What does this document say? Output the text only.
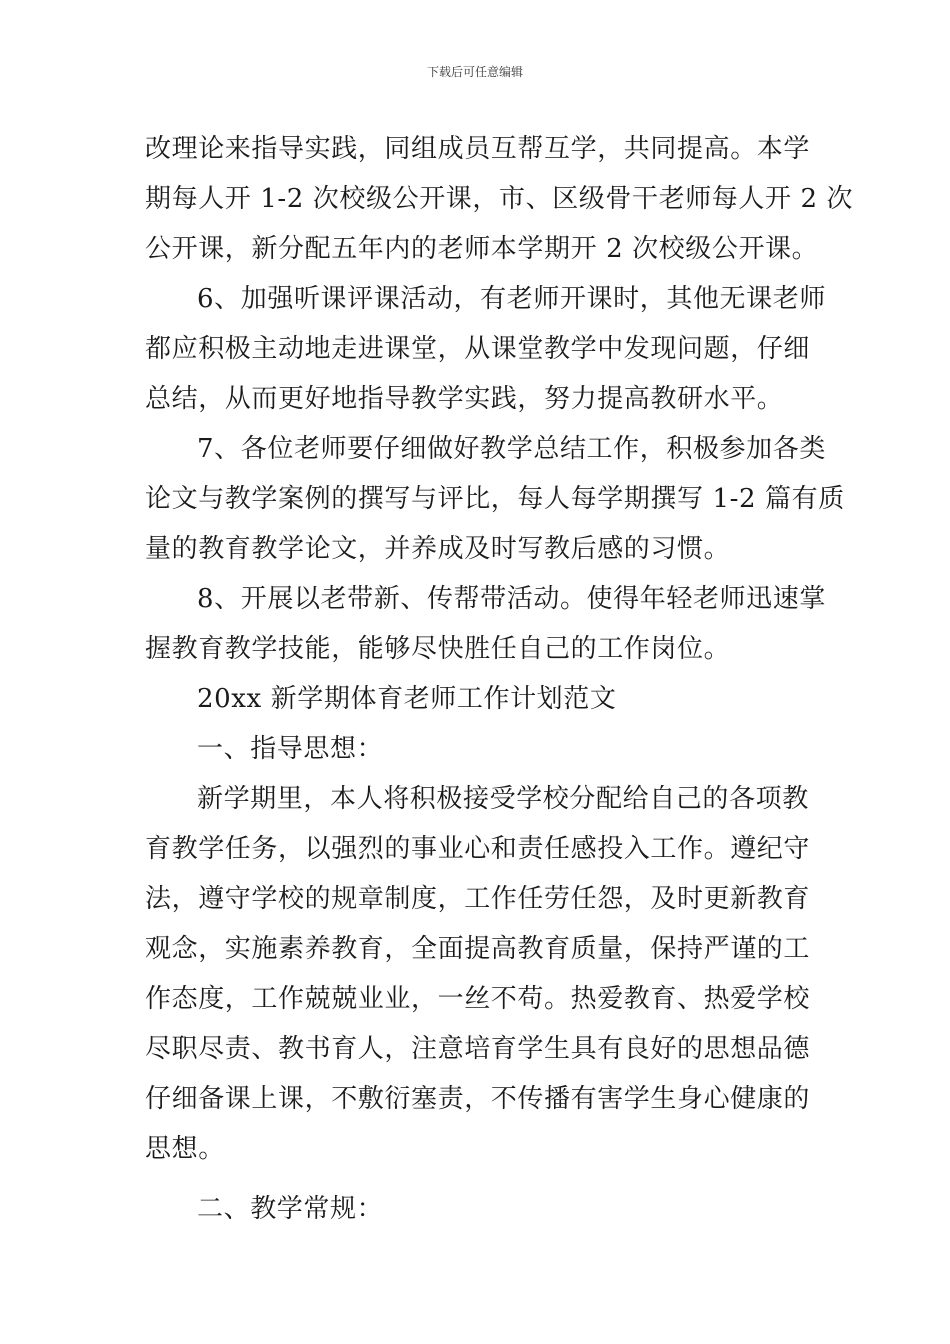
下载后可任意编辑
改理论来指导实践，同组成员互帮互学，共同提高。本学
期每人开 1-2 次校级公开课，市、区级骨干老师每人开 2 次
公开课，新分配五年内的老师本学期开 2 次校级公开课。
6、加强听课评课活动，有老师开课时，其他无课老师
都应积极主动地走进课堂，从课堂教学中发现问题，仔细
总结，从而更好地指导教学实践，努力提高教研水平。
7、各位老师要仔细做好教学总结工作，积极参加各类
论文与教学案例的撰写与评比，每人每学期撰写 1-2 篇有质
量的教育教学论文，并养成及时写教后感的习惯。
8、开展以老带新、传帮带活动。使得年轻老师迅速掌
握教育教学技能，能够尽快胜任自己的工作岗位。
20xx 新学期体育老师工作计划范文
一、指导思想：
新学期里，本人将积极接受学校分配给自己的各项教
育教学任务，以强烈的事业心和责任感投入工作。遵纪守
法，遵守学校的规章制度，工作任劳任怨，及时更新教育
观念，实施素养教育，全面提高教育质量，保持严谨的工
作态度，工作兢兢业业，一丝不苟。热爱教育、热爱学校
尽职尽责、教书育人，注意培育学生具有良好的思想品德
仔细备课上课，不敷衍塞责，不传播有害学生身心健康的
思想。
二、教学常规：
